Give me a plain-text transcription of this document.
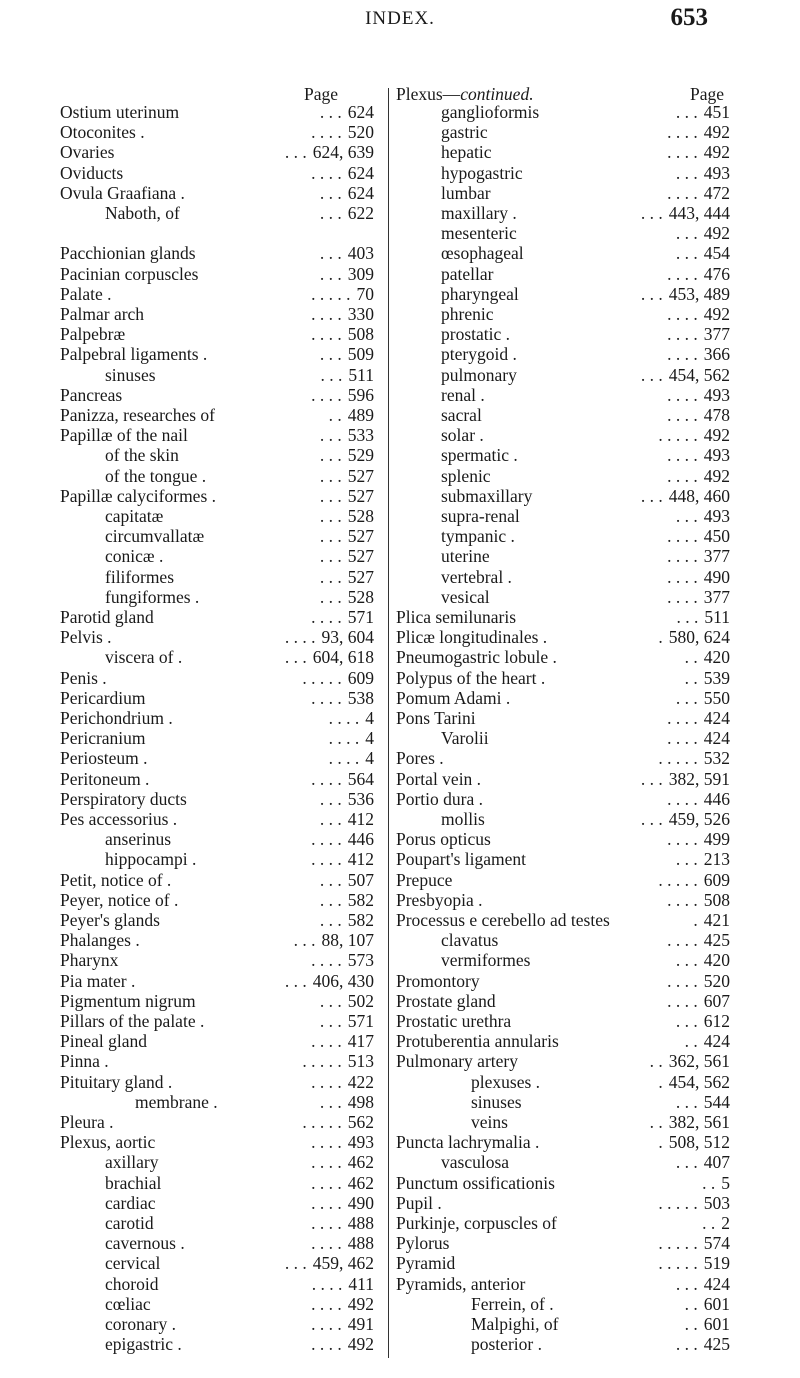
INDEX.	653
Page
Ostium uterinum	. . . 624
Otoconites .	. . . . 520
Ovaries	. . . 624, 639
Oviducts	. . . . 624
Ovula Graafiana .	. . . 624
Naboth, of	. . . 622
Pacchionian glands	. . . 403
Pacinian corpuscles	. . . 309
Palate .	. . . . . 70
Palmar arch	. . . . 330
Palpebræ	. . . . 508
Palpebral ligaments .	. . . 509
sinuses	. . . 511
Pancreas	. . . . 596
Panizza, researches of	. . 489
Papillæ of the nail	. . . 533
of the skin	. . . 529
of the tongue .	. . . 527
Papillæ calyciformes .	. . . 527
capitatæ	. . . 528
circumvallatæ	. . . 527
conicæ .	. . . 527
filiformes	. . . 527
fungiformes .	. . . 528
Parotid gland	. . . . 571
Pelvis .	. . . . 93, 604
viscera of .	. . . 604, 618
Penis .	. . . . . 609
Pericardium	. . . . 538
Perichondrium .	. . . . 4
Pericranium	. . . . 4
Periosteum .	. . . . 4
Peritoneum .	. . . . 564
Perspiratory ducts	. . . 536
Pes accessorius .	. . . 412
anserinus	. . . . 446
hippocampi .	. . . . 412
Petit, notice of .	. . . 507
Peyer, notice of .	. . . 582
Peyer's glands	. . . 582
Phalanges .	. . . 88, 107
Pharynx	. . . . 573
Pia mater .	. . . 406, 430
Pigmentum nigrum	. . . 502
Pillars of the palate .	. . . 571
Pineal gland	. . . . 417
Pinna .	. . . . . 513
Pituitary gland .	. . . . 422
membrane .	. . . 498
Pleura .	. . . . . 562
Plexus, aortic	. . . . 493
axillary	. . . . 462
brachial	. . . . 462
cardiac	. . . . 490
carotid	. . . . 488
cavernous .	. . . . 488
cervical	. . . 459, 462
choroid	. . . . 411
cœliac	. . . . 492
coronary .	. . . . 491
epigastric .	. . . . 492
Plexus—continued.	Page
ganglioformis	. . . 451
gastric	. . . . 492
hepatic	. . . . 492
hypogastric	. . . 493
lumbar	. . . . 472
maxillary .	. . . 443, 444
mesenteric	. . . 492
œsophageal	. . . 454
patellar	. . . . 476
pharyngeal	. . . 453, 489
phrenic	. . . . 492
prostatic .	. . . . 377
pterygoid .	. . . . 366
pulmonary	. . . 454, 562
renal .	. . . . 493
sacral	. . . . 478
solar .	. . . . . 492
spermatic .	. . . . 493
splenic	. . . . 492
submaxillary	. . . 448, 460
supra-renal	. . . 493
tympanic .	. . . . 450
uterine	. . . . 377
vertebral .	. . . . 490
vesical	. . . . 377
Plica semilunaris	. . . 511
Plicæ longitudinales .	. 580, 624
Pneumogastric lobule .	. . 420
Polypus of the heart .	. . 539
Pomum Adami .	. . . 550
Pons Tarini	. . . . 424
Varolii	. . . . 424
Pores .	. . . . . 532
Portal vein .	. . . 382, 591
Portio dura .	. . . . 446
mollis	. . . 459, 526
Porus opticus	. . . . 499
Poupart's ligament	. . . 213
Prepuce	. . . . . 609
Presbyopia .	. . . . 508
Processus e cerebello ad testes	. 421
clavatus	. . . . 425
vermiformes	. . . 420
Promontory	. . . . 520
Prostate gland	. . . . 607
Prostatic urethra	. . . 612
Protuberentia annularis	. . 424
Pulmonary artery	. . 362, 561
plexuses .	. 454, 562
sinuses	. . . 544
veins	. . 382, 561
Puncta lachrymalia .	. 508, 512
vasculosa	. . . 407
Punctum ossificationis	. . 5
Pupil .	. . . . . 503
Purkinje, corpuscles of	. . 2
Pylorus	. . . . . 574
Pyramid	. . . . . 519
Pyramids, anterior	. . . 424
Ferrein, of .	. . 601
Malpighi, of	. . 601
posterior .	. . . 425
